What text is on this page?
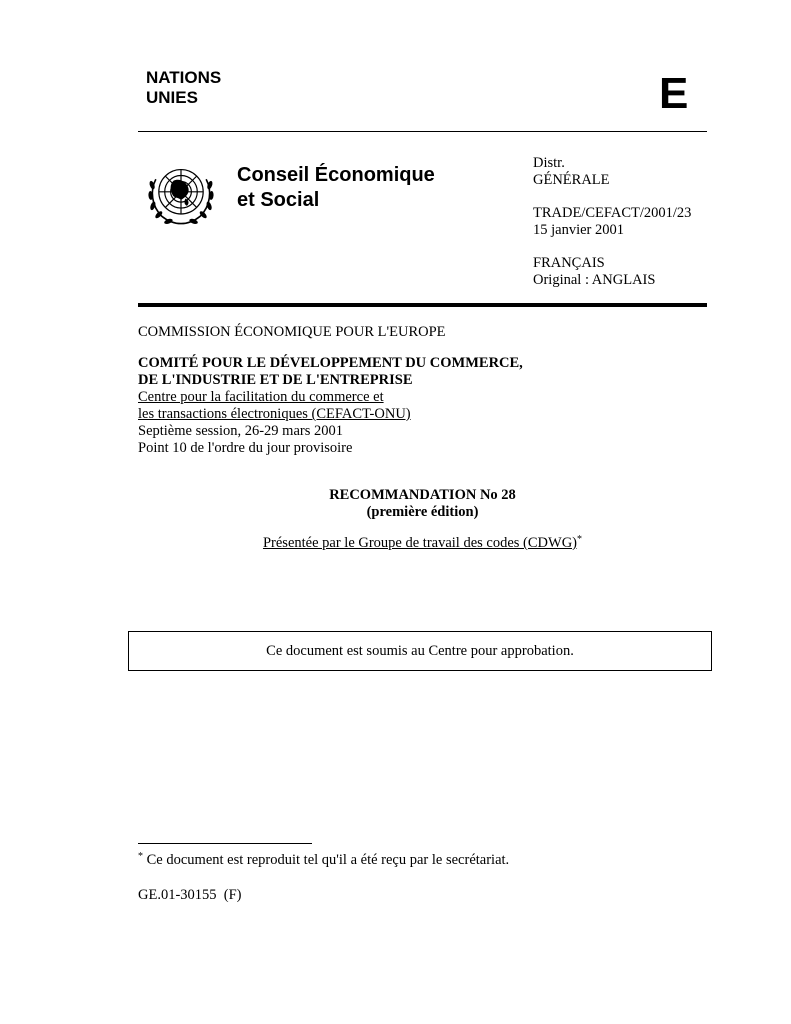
NATIONS
UNIES	E
Conseil Économique
et Social
Distr.
GÉNÉRALE
TRADE/CEFACT/2001/23
15 janvier 2001
FRANÇAIS
Original : ANGLAIS
COMMISSION ÉCONOMIQUE POUR L'EUROPE
COMITÉ POUR LE DÉVELOPPEMENT DU COMMERCE,
DE L'INDUSTRIE ET DE L'ENTREPRISE
Centre pour la facilitation du commerce et
les transactions électroniques (CEFACT-ONU)
Septième session, 26-29 mars 2001
Point 10 de l'ordre du jour provisoire
RECOMMANDATION No 28
(première édition)
Présentée par le Groupe de travail des codes (CDWG)*
Ce document est soumis au Centre pour approbation.
* Ce document est reproduit tel qu'il a été reçu par le secrétariat.
GE.01-30155  (F)
